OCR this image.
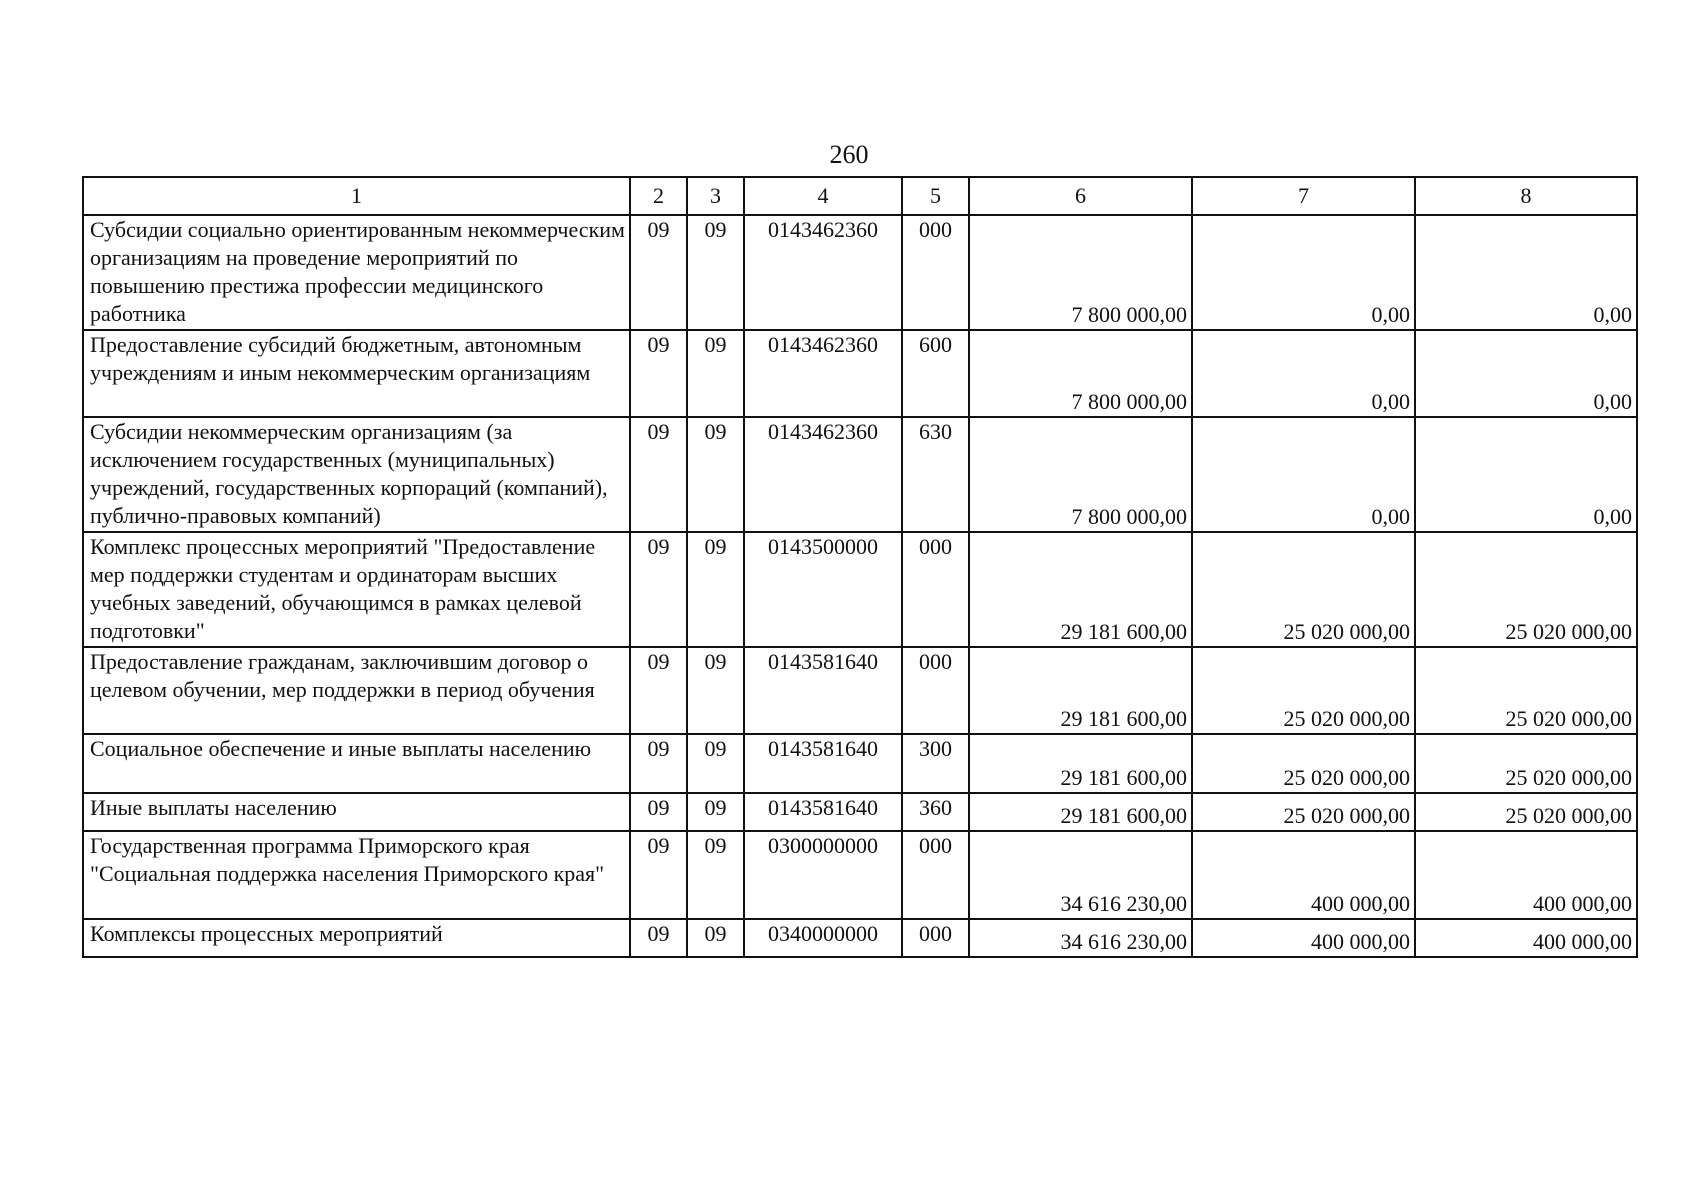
260
1	2	3	4	5	6	7	8
Субсидии социально ориентированным некоммерческим организациям на проведение мероприятий по повышению престижа профессии медицинского работника	09	09	0143462360	000	7 800 000,00	0,00	0,00
Предоставление субсидий бюджетным, автономным учреждениям и иным некоммерческим организациям	09	09	0143462360	600	7 800 000,00	0,00	0,00
Субсидии некоммерческим организациям (за исключением государственных (муниципальных) учреждений, государственных корпораций (компаний), публично-правовых компаний)	09	09	0143462360	630	7 800 000,00	0,00	0,00
Комплекс процессных мероприятий "Предоставление мер поддержки студентам и ординаторам высших учебных заведений, обучающимся в рамках целевой подготовки"	09	09	0143500000	000	29 181 600,00	25 020 000,00	25 020 000,00
Предоставление гражданам, заключившим договор о целевом обучении, мер поддержки в период обучения	09	09	0143581640	000	29 181 600,00	25 020 000,00	25 020 000,00
Социальное обеспечение и иные выплаты населению	09	09	0143581640	300	29 181 600,00	25 020 000,00	25 020 000,00
Иные выплаты населению	09	09	0143581640	360	29 181 600,00	25 020 000,00	25 020 000,00
Государственная программа Приморского края "Социальная поддержка населения Приморского края"	09	09	0300000000	000	34 616 230,00	400 000,00	400 000,00
Комплексы процессных мероприятий	09	09	0340000000	000	34 616 230,00	400 000,00	400 000,00
